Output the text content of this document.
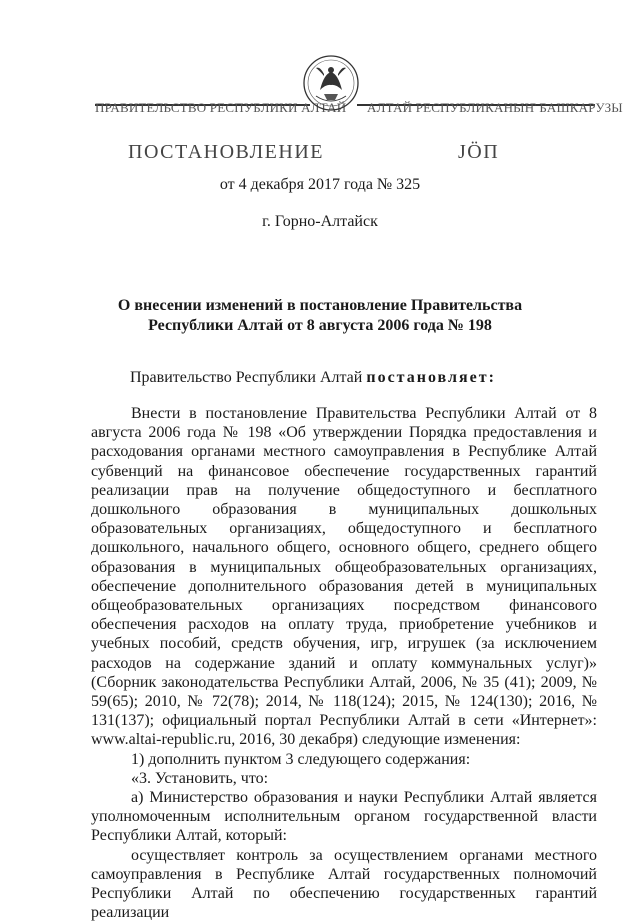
ПРАВИТЕЛЬСТВО РЕСПУБЛИКИ АЛТАЙ АЛТАЙ РЕСПУБЛИКАНЫҤ БАШКАРУЗЫ
ПОСТАНОВЛЕНИЕ	JÖП
от 4 декабря 2017 года № 325
г. Горно-Алтайск
О внесении изменений в постановление Правительства
Республики Алтай от 8 августа 2006 года № 198
Правительство Республики Алтай постановляет:

Внести в постановление Правительства Республики Алтай от 8 августа 2006 года № 198 «Об утверждении Порядка предоставления и расходования органами местного самоуправления в Республике Алтай субвенций на финансовое обеспечение государственных гарантий реализации прав на получение общедоступного и бесплатного дошкольного образования в муниципальных дошкольных образовательных организациях, общедоступного и бесплатного дошкольного, начального общего, основного общего, среднего общего образования в муниципальных общеобразовательных организациях, обеспечение дополнительного образования детей в муниципальных общеобразовательных организациях посредством финансового обеспечения расходов на оплату труда, приобретение учебников и учебных пособий, средств обучения, игр, игрушек (за исключением расходов на содержание зданий и оплату коммунальных услуг)» (Сборник законодательства Республики Алтай, 2006, № 35 (41); 2009, № 59(65); 2010, № 72(78); 2014, № 118(124); 2015, № 124(130); 2016, № 131(137); официальный портал Республики Алтай в сети «Интернет»: www.altai-republic.ru, 2016, 30 декабря) следующие изменения:

1) дополнить пунктом 3 следующего содержания:

«3. Установить, что:

а) Министерство образования и науки Республики Алтай является уполномоченным исполнительным органом государственной власти Республики Алтай, который:

осуществляет контроль за осуществлением органами местного самоуправления в Республике Алтай государственных полномочий Республики Алтай по обеспечению государственных гарантий реализации
